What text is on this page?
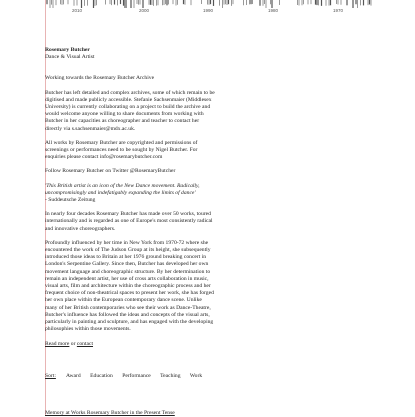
2010	2000	1990	1980	1970

Rosemary Butcher
Dance & Visual Artist

Working towards the Rosemary Butcher Archive

Butcher has left detailed and complex archives, some of which remain to be digitised and made publicly accessible. Stefanie Sachsenmaier (Middlesex University) is currently collaborating on a project to build the archive and would welcome anyone willing to share documents from working with Butcher in her capacities as choreographer and teacher to contact her directly via s.sachsenmaier@mdx.ac.uk.

All works by Rosemary Butcher are copyrighted and permissions of screenings or performances need to be sought by Nigel Butcher. For enquiries please contact info@rosemarybutcher.com

Follow Rosemary Butcher on Twitter @RosemaryButcher

'This British artist is an icon of the New Dance movement. Radically, uncompromisingly and indefatigably expanding the limits of dance'
- Suddeutsche Zeitung

In nearly four decades Rosemary Butcher has made over 50 works, toured internationally and is regarded as one of Europe's most consistently radical and innovative choreographers.

Profoundly influenced by her time in New York from 1970-72 where she encountered the work of The Judson Group at its height, she subsequently introduced those ideas to Britain at her 1976 ground breaking concert in London's Serpentine Gallery. Since then, Butcher has developed her own movement language and choreographic structure. By her determination to remain an independent artist, her use of cross arts collaboration in music, visual arts, film and architecture within the choreographic process and her frequent choice of non-theatrical spaces to present her work, she has forged her own place within the European contemporary dance scene. Unlike many of her British contemporaries who see their work as Dance-Theatre, Butcher's influence has followed the ideas and concepts of the visual arts, particularly in painting and sculpture, and has engaged with the developing philosophies within those movements.

Read more or contact

Sort: Award Education Performance Teaching Work
Memory at Works Rosemary Butcher in the Present Tense
